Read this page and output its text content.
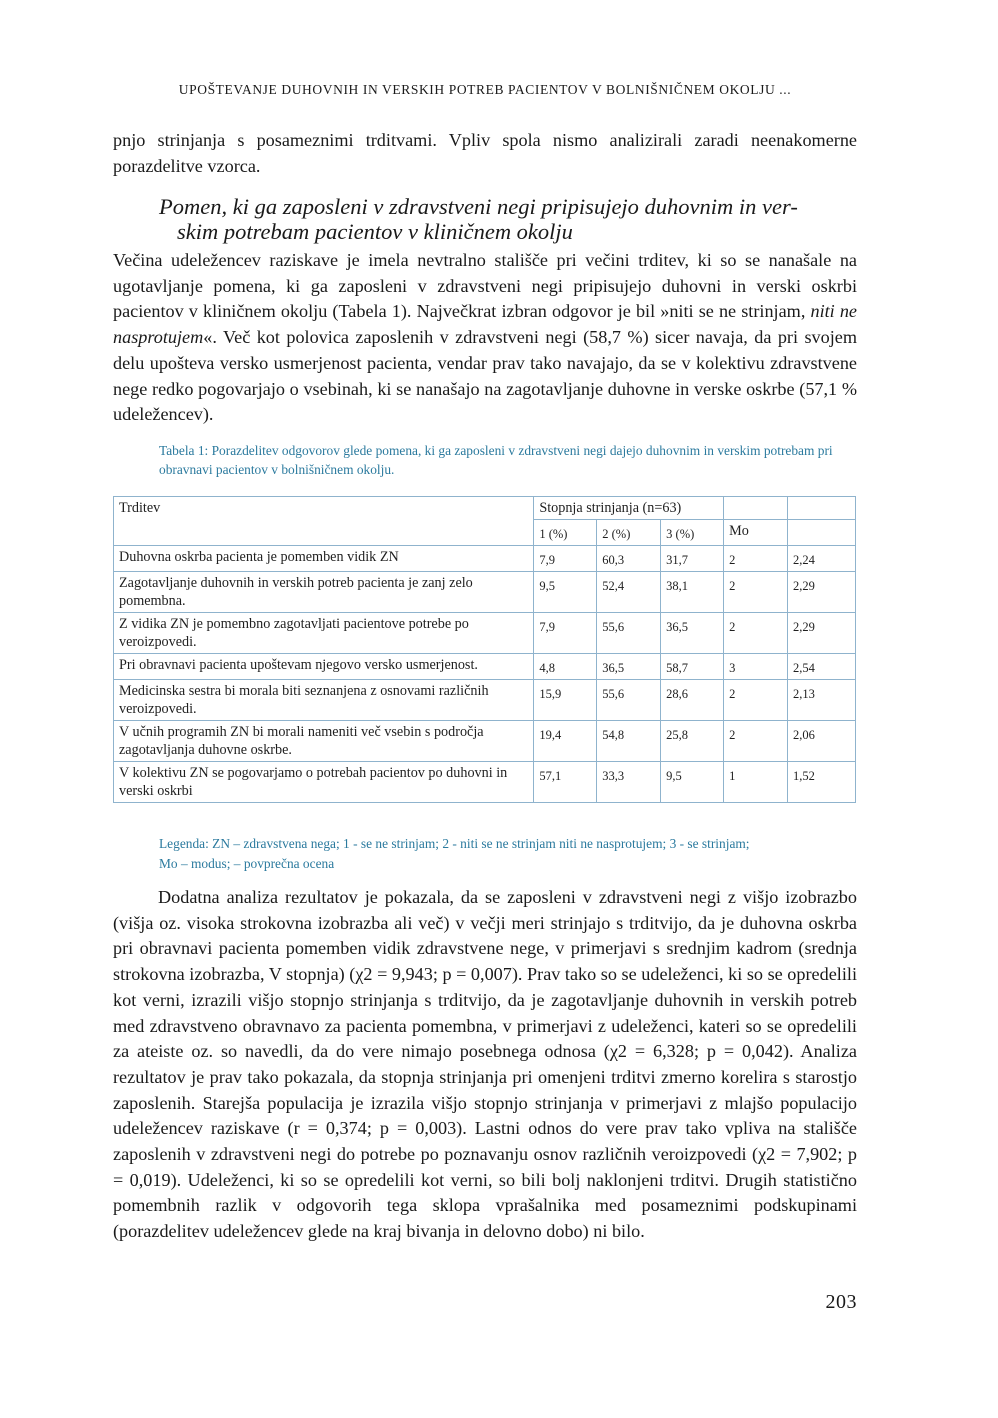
UPOŠTEVANJE DUHOVNIH IN VERSKIH POTREB PACIENTOV V BOLNIŠNIČNEM OKOLJU ...

pnjo strinjanja s posameznimi trditvami. Vpliv spola nismo analizirali zaradi neenakomerne porazdelitve vzorca.

Pomen, ki ga zaposleni v zdravstveni negi pripisujejo duhovnim in ver-
skim potrebam pacientov v kliničnem okolju

Večina udeležencev raziskave je imela nevtralno stališče pri večini trditev, ki so se nanašale na ugotavljanje pomena, ki ga zaposleni v zdravstveni negi pripisujejo duhovni in verski oskrbi pacientov v kliničnem okolju (Tabela 1). Največkrat izbran odgovor je bil »niti se ne strinjam, niti ne nasprotujem«. Več kot polovica zaposlenih v zdravstveni negi (58,7 %) sicer navaja, da pri svojem delu upošteva versko usmerjenost pacienta, vendar prav tako navajajo, da se v kolektivu zdravstvene nege redko pogovarjajo o vsebinah, ki se nanašajo na zagotavljanje duhovne in verske oskrbe (57,1 % udeležencev).

Tabela 1: Porazdelitev odgovorov glede pomena, ki ga zaposleni v zdravstveni negi dajejo duhovnim in verskim potrebam pri obravnavi pacientov v bolnišničnem okolju.
Trditev	Stopnja strinjanja (n=63)				
	1 (%)	2 (%)	3 (%)	Mo	
Duhovna oskrba pacienta je pomemben vidik ZN	7,9	60,3	31,7	2	2,24
Zagotavljanje duhovnih in verskih potreb pacienta je zanj zelo pomembna.	9,5	52,4	38,1	2	2,29
Z vidika ZN je pomembno zagotavljati pacientove potrebe po veroizpovedi.	7,9	55,6	36,5	2	2,29
Pri obravnavi pacienta upoštevam njegovo versko usmerjenost.	4,8	36,5	58,7	3	2,54
Medicinska sestra bi morala biti seznanjena z osnovami različnih veroizpovedi.	15,9	55,6	28,6	2	2,13
V učnih programih ZN bi morali nameniti več vsebin s področja zagotavljanja duhovne oskrbe.	19,4	54,8	25,8	2	2,06
V kolektivu ZN se pogovarjamo o potrebah pacientov po duhovni in verski oskrbi	57,1	33,3	9,5	1	1,52
Legenda: ZN – zdravstvena nega; 1 - se ne strinjam; 2 - niti se ne strinjam niti ne nasprotujem; 3 - se strinjam;
Mo – modus; – povprečna ocena

Dodatna analiza rezultatov je pokazala, da se zaposleni v zdravstveni negi z višjo izobrazbo (višja oz. visoka strokovna izobrazba ali več) v večji meri strinjajo s trditvijo, da je duhovna oskrba pri obravnavi pacienta pomemben vidik zdravstvene nege, v primerjavi s srednjim kadrom (srednja strokovna izobrazba, V stopnja) (χ2 = 9,943; p = 0,007). Prav tako so se udeleženci, ki so se opredelili kot verni, izrazili višjo stopnjo strinjanja s trditvijo, da je zagotavljanje duhovnih in verskih potreb med zdravstveno obravnavo za pacienta pomembna, v primerjavi z udeleženci, kateri so se opredelili za ateiste oz. so navedli, da do vere nimajo posebnega odnosa (χ2 = 6,328; p = 0,042). Analiza rezultatov je prav tako pokazala, da stopnja strinjanja pri omenjeni trditvi zmerno korelira s starostjo zaposlenih. Starejša populacija je izrazila višjo stopnjo strinjanja v primerjavi z mlajšo populacijo udeležencev raziskave (r = 0,374; p = 0,003). Lastni odnos do vere prav tako vpliva na stališče zaposlenih v zdravstveni negi do potrebe po poznavanju osnov različnih veroizpovedi (χ2 = 7,902; p = 0,019). Udeleženci, ki so se opredelili kot verni, so bili bolj naklonjeni trditvi. Drugih statistično pomembnih razlik v odgovorih tega sklopa vprašalnika med posameznimi podskupinami (porazdelitev udeležencev glede na kraj bivanja in delovno dobo) ni bilo.

203
